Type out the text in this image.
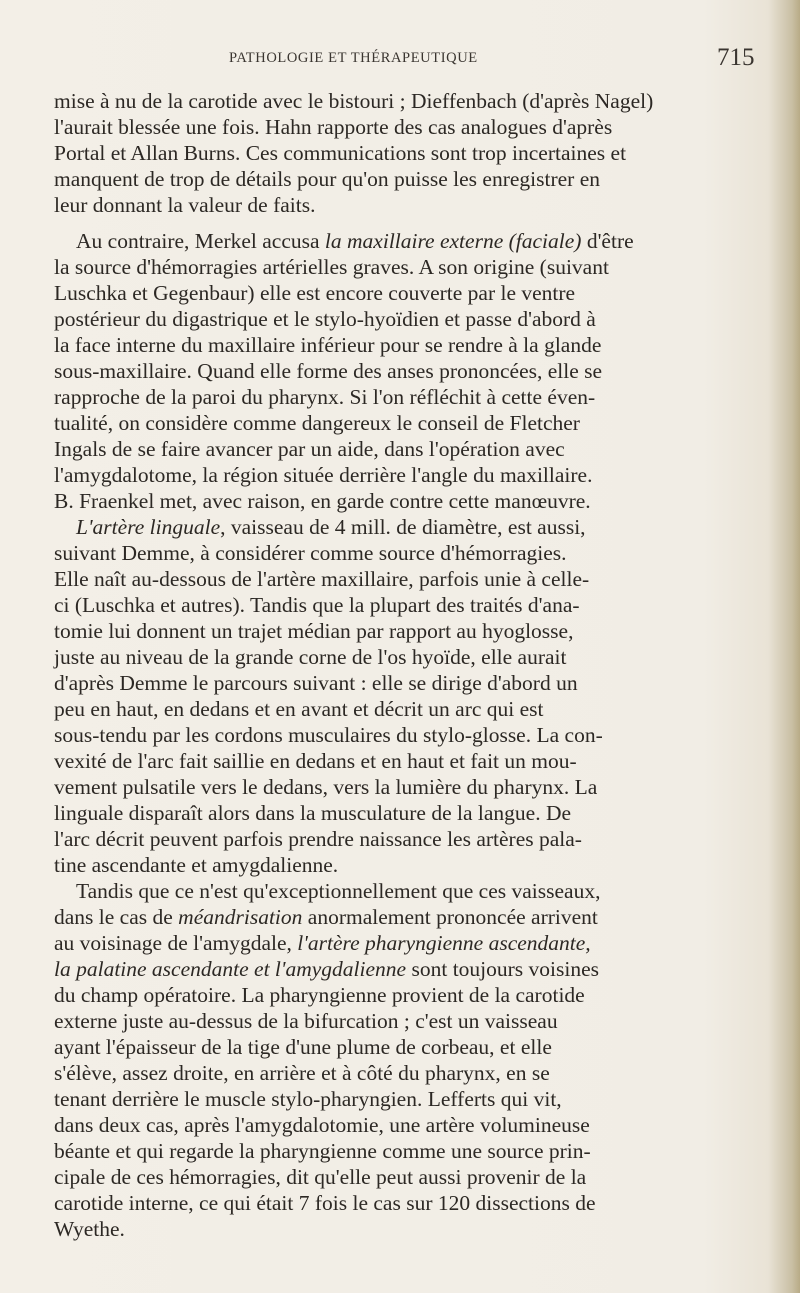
PATHOLOGIE ET THÉRAPEUTIQUE	715

mise à nu de la carotide avec le bistouri ; Dieffenbach (d'après Nagel)
l'aurait blessée une fois. Hahn rapporte des cas analogues d'après
Portal et Allan Burns. Ces communications sont trop incertaines et
manquent de trop de détails pour qu'on puisse les enregistrer en
leur donnant la valeur de faits.

Au contraire, Merkel accusa la maxillaire externe (faciale) d'être
la source d'hémorragies artérielles graves. A son origine (suivant
Luschka et Gegenbaur) elle est encore couverte par le ventre
postérieur du digastrique et le stylo-hyoïdien et passe d'abord à
la face interne du maxillaire inférieur pour se rendre à la glande
sous-maxillaire. Quand elle forme des anses prononcées, elle se
rapproche de la paroi du pharynx. Si l'on réfléchit à cette éven-
tualité, on considère comme dangereux le conseil de Fletcher
Ingals de se faire avancer par un aide, dans l'opération avec
l'amygdalotome, la région située derrière l'angle du maxillaire.
B. Fraenkel met, avec raison, en garde contre cette manœuvre.

L'artère linguale, vaisseau de 4 mill. de diamètre, est aussi,
suivant Demme, à considérer comme source d'hémorragies.
Elle naît au-dessous de l'artère maxillaire, parfois unie à celle-
ci (Luschka et autres). Tandis que la plupart des traités d'ana-
tomie lui donnent un trajet médian par rapport au hyoglosse,
juste au niveau de la grande corne de l'os hyoïde, elle aurait
d'après Demme le parcours suivant : elle se dirige d'abord un
peu en haut, en dedans et en avant et décrit un arc qui est
sous-tendu par les cordons musculaires du stylo-glosse. La con-
vexité de l'arc fait saillie en dedans et en haut et fait un mou-
vement pulsatile vers le dedans, vers la lumière du pharynx. La
linguale disparaît alors dans la musculature de la langue. De
l'arc décrit peuvent parfois prendre naissance les artères pala-
tine ascendante et amygdalienne.

Tandis que ce n'est qu'exceptionnellement que ces vaisseaux,
dans le cas de méandrisation anormalement prononcée arrivent
au voisinage de l'amygdale, l'artère pharyngienne ascendante,
la palatine ascendante et l'amygdalienne sont toujours voisines
du champ opératoire. La pharyngienne provient de la carotide
externe juste au-dessus de la bifurcation ; c'est un vaisseau
ayant l'épaisseur de la tige d'une plume de corbeau, et elle
s'élève, assez droite, en arrière et à côté du pharynx, en se
tenant derrière le muscle stylo-pharyngien. Lefferts qui vit,
dans deux cas, après l'amygdalotomie, une artère volumineuse
béante et qui regarde la pharyngienne comme une source prin-
cipale de ces hémorragies, dit qu'elle peut aussi provenir de la
carotide interne, ce qui était 7 fois le cas sur 120 dissections de
Wyethe.
